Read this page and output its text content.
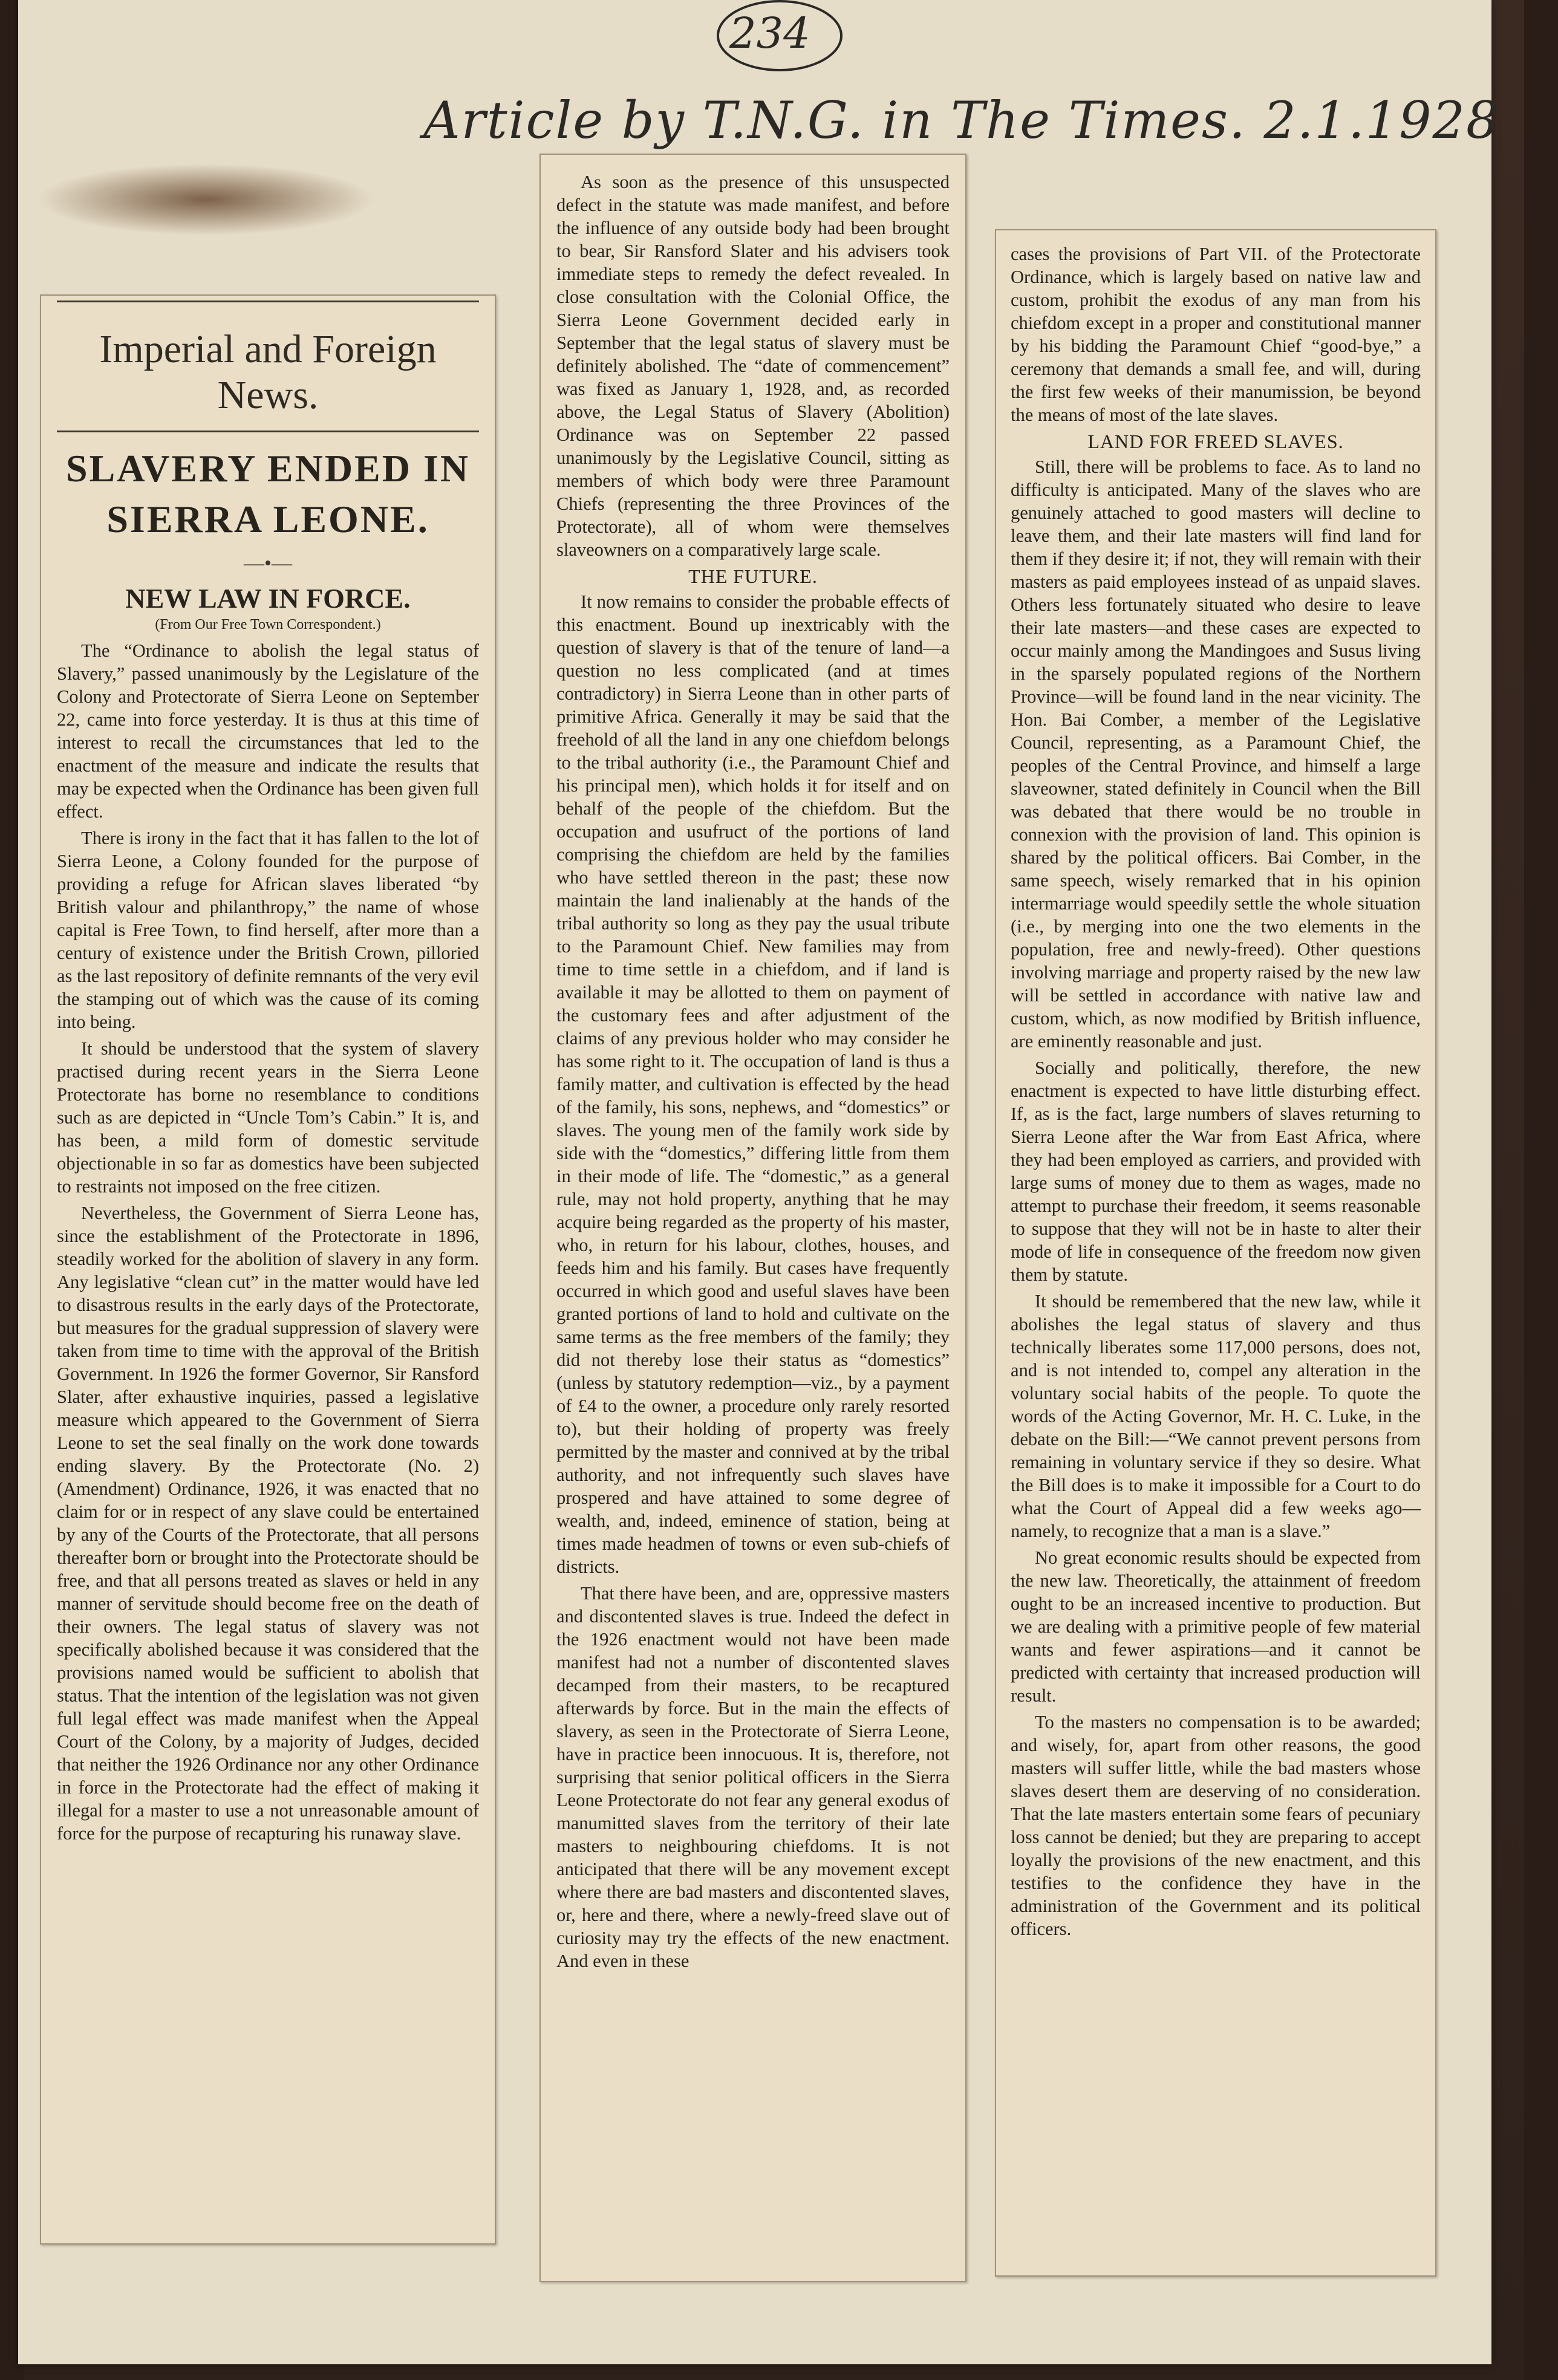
234
Article by T.N.G. in The Times. 2.1.1928
Imperial and Foreign News.
SLAVERY ENDED IN SIERRA LEONE.
—•—
NEW LAW IN FORCE.
(From Our Free Town Correspondent.)

The “Ordinance to abolish the legal status of Slavery,” passed unanimously by the Legislature of the Colony and Protectorate of Sierra Leone on September 22, came into force yesterday. It is thus at this time of interest to recall the circumstances that led to the enactment of the measure and indicate the results that may be expected when the Ordinance has been given full effect.

There is irony in the fact that it has fallen to the lot of Sierra Leone, a Colony founded for the purpose of providing a refuge for African slaves liberated “by British valour and philanthropy,” the name of whose capital is Free Town, to find herself, after more than a century of existence under the British Crown, pilloried as the last repository of definite remnants of the very evil the stamping out of which was the cause of its coming into being.

It should be understood that the system of slavery practised during recent years in the Sierra Leone Protectorate has borne no resemblance to conditions such as are depicted in “Uncle Tom’s Cabin.” It is, and has been, a mild form of domestic servitude objectionable in so far as domestics have been subjected to restraints not imposed on the free citizen.

Nevertheless, the Government of Sierra Leone has, since the establishment of the Protectorate in 1896, steadily worked for the abolition of slavery in any form. Any legislative “clean cut” in the matter would have led to disastrous results in the early days of the Protectorate, but measures for the gradual suppression of slavery were taken from time to time with the approval of the British Government. In 1926 the former Governor, Sir Ransford Slater, after exhaustive inquiries, passed a legislative measure which appeared to the Government of Sierra Leone to set the seal finally on the work done towards ending slavery. By the Protectorate (No. 2) (Amendment) Ordinance, 1926, it was enacted that no claim for or in respect of any slave could be entertained by any of the Courts of the Protectorate, that all persons thereafter born or brought into the Protectorate should be free, and that all persons treated as slaves or held in any manner of servitude should become free on the death of their owners. The legal status of slavery was not specifically abolished because it was considered that the provisions named would be sufficient to abolish that status. That the intention of the legislation was not given full legal effect was made manifest when the Appeal Court of the Colony, by a majority of Judges, decided that neither the 1926 Ordinance nor any other Ordinance in force in the Protectorate had the effect of making it illegal for a master to use a not unreasonable amount of force for the purpose of recapturing his runaway slave.

As soon as the presence of this unsuspected defect in the statute was made manifest, and before the influence of any outside body had been brought to bear, Sir Ransford Slater and his advisers took immediate steps to remedy the defect revealed. In close consultation with the Colonial Office, the Sierra Leone Government decided early in September that the legal status of slavery must be definitely abolished. The “date of commencement” was fixed as January 1, 1928, and, as recorded above, the Legal Status of Slavery (Abolition) Ordinance was on September 22 passed unanimously by the Legislative Council, sitting as members of which body were three Paramount Chiefs (representing the three Provinces of the Protectorate), all of whom were themselves slaveowners on a comparatively large scale.

THE FUTURE.

It now remains to consider the probable effects of this enactment. Bound up inextricably with the question of slavery is that of the tenure of land—a question no less complicated (and at times contradictory) in Sierra Leone than in other parts of primitive Africa. Generally it may be said that the freehold of all the land in any one chiefdom belongs to the tribal authority (i.e., the Paramount Chief and his principal men), which holds it for itself and on behalf of the people of the chiefdom. But the occupation and usufruct of the portions of land comprising the chiefdom are held by the families who have settled thereon in the past; these now maintain the land inalienably at the hands of the tribal authority so long as they pay the usual tribute to the Paramount Chief. New families may from time to time settle in a chiefdom, and if land is available it may be allotted to them on payment of the customary fees and after adjustment of the claims of any previous holder who may consider he has some right to it. The occupation of land is thus a family matter, and cultivation is effected by the head of the family, his sons, nephews, and “domestics” or slaves. The young men of the family work side by side with the “domestics,” differing little from them in their mode of life. The “domestic,” as a general rule, may not hold property, anything that he may acquire being regarded as the property of his master, who, in return for his labour, clothes, houses, and feeds him and his family. But cases have frequently occurred in which good and useful slaves have been granted portions of land to hold and cultivate on the same terms as the free members of the family; they did not thereby lose their status as “domestics” (unless by statutory redemption—viz., by a payment of £4 to the owner, a procedure only rarely resorted to), but their holding of property was freely permitted by the master and connived at by the tribal authority, and not infrequently such slaves have prospered and have attained to some degree of wealth, and, indeed, eminence of station, being at times made headmen of towns or even sub-chiefs of districts.

That there have been, and are, oppressive masters and discontented slaves is true. Indeed the defect in the 1926 enactment would not have been made manifest had not a number of discontented slaves decamped from their masters, to be recaptured afterwards by force. But in the main the effects of slavery, as seen in the Protectorate of Sierra Leone, have in practice been innocuous. It is, therefore, not surprising that senior political officers in the Sierra Leone Protectorate do not fear any general exodus of manumitted slaves from the territory of their late masters to neighbouring chiefdoms. It is not anticipated that there will be any movement except where there are bad masters and discontented slaves, or, here and there, where a newly-freed slave out of curiosity may try the effects of the new enactment. And even in these

cases the provisions of Part VII. of the Protectorate Ordinance, which is largely based on native law and custom, prohibit the exodus of any man from his chiefdom except in a proper and constitutional manner by his bidding the Paramount Chief “good-bye,” a ceremony that demands a small fee, and will, during the first few weeks of their manumission, be beyond the means of most of the late slaves.

LAND FOR FREED SLAVES.

Still, there will be problems to face. As to land no difficulty is anticipated. Many of the slaves who are genuinely attached to good masters will decline to leave them, and their late masters will find land for them if they desire it; if not, they will remain with their masters as paid employees instead of as unpaid slaves. Others less fortunately situated who desire to leave their late masters—and these cases are expected to occur mainly among the Mandingoes and Susus living in the sparsely populated regions of the Northern Province—will be found land in the near vicinity. The Hon. Bai Comber, a member of the Legislative Council, representing, as a Paramount Chief, the peoples of the Central Province, and himself a large slaveowner, stated definitely in Council when the Bill was debated that there would be no trouble in connexion with the provision of land. This opinion is shared by the political officers. Bai Comber, in the same speech, wisely remarked that in his opinion intermarriage would speedily settle the whole situation (i.e., by merging into one the two elements in the population, free and newly-freed). Other questions involving marriage and property raised by the new law will be settled in accordance with native law and custom, which, as now modified by British influence, are eminently reasonable and just.

Socially and politically, therefore, the new enactment is expected to have little disturbing effect. If, as is the fact, large numbers of slaves returning to Sierra Leone after the War from East Africa, where they had been employed as carriers, and provided with large sums of money due to them as wages, made no attempt to purchase their freedom, it seems reasonable to suppose that they will not be in haste to alter their mode of life in consequence of the freedom now given them by statute.

It should be remembered that the new law, while it abolishes the legal status of slavery and thus technically liberates some 117,000 persons, does not, and is not intended to, compel any alteration in the voluntary social habits of the people. To quote the words of the Acting Governor, Mr. H. C. Luke, in the debate on the Bill:—“We cannot prevent persons from remaining in voluntary service if they so desire. What the Bill does is to make it impossible for a Court to do what the Court of Appeal did a few weeks ago—namely, to recognize that a man is a slave.”

No great economic results should be expected from the new law. Theoretically, the attainment of freedom ought to be an increased incentive to production. But we are dealing with a primitive people of few material wants and fewer aspirations—and it cannot be predicted with certainty that increased production will result.

To the masters no compensation is to be awarded; and wisely, for, apart from other reasons, the good masters will suffer little, while the bad masters whose slaves desert them are deserving of no consideration. That the late masters entertain some fears of pecuniary loss cannot be denied; but they are preparing to accept loyally the provisions of the new enactment, and this testifies to the confidence they have in the administration of the Government and its political officers.
